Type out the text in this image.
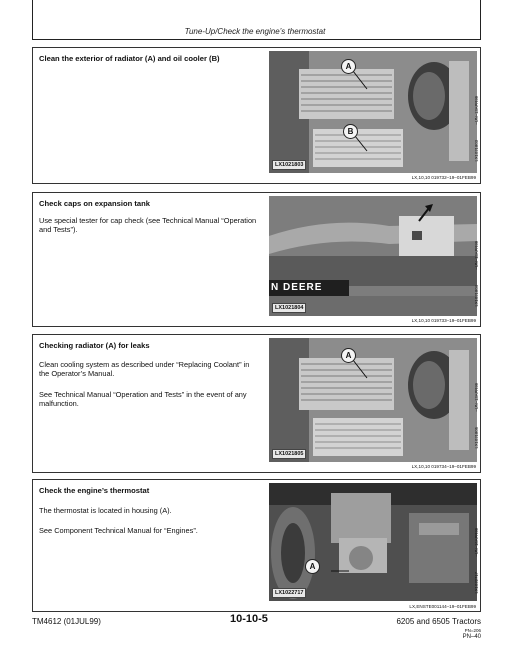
Tune-Up/Check the engine’s thermostat
Clean the exterior of radiator (A) and oil cooler (B)
A
B
LX1021803
–UN–13APR99
LX1021803
LX,10,10 019732–19–01FEB99
Check caps on expansion tank
Use special tester for cap check (see Technical Manual “Operation and Tests”).
N DEERE
LX1021804
–UN–13APR99
LX1021804
LX,10,10 019733–19–01FEB99
Checking radiator (A) for leaks
Clean cooling system as described under “Replacing Coolant” in the Operator’s Manual.
See Technical Manual “Operation and Tests” in the event of any malfunction.
A
LX1021805
–UN–13APR99
LX1021805
LX,10,10 019734–19–01FEB99
Check the engine’s thermostat
The thermostat is located in housing (A).
See Component Technical Manual for “Engines”.
A
LX1022717
–UN–16APR99
LX1022717
LX,ENSTE001144–19–01FEB99
TM4612 (01JUL99)	10-10-5	6205 and 6505 Tractors
PN=206
PN–40
